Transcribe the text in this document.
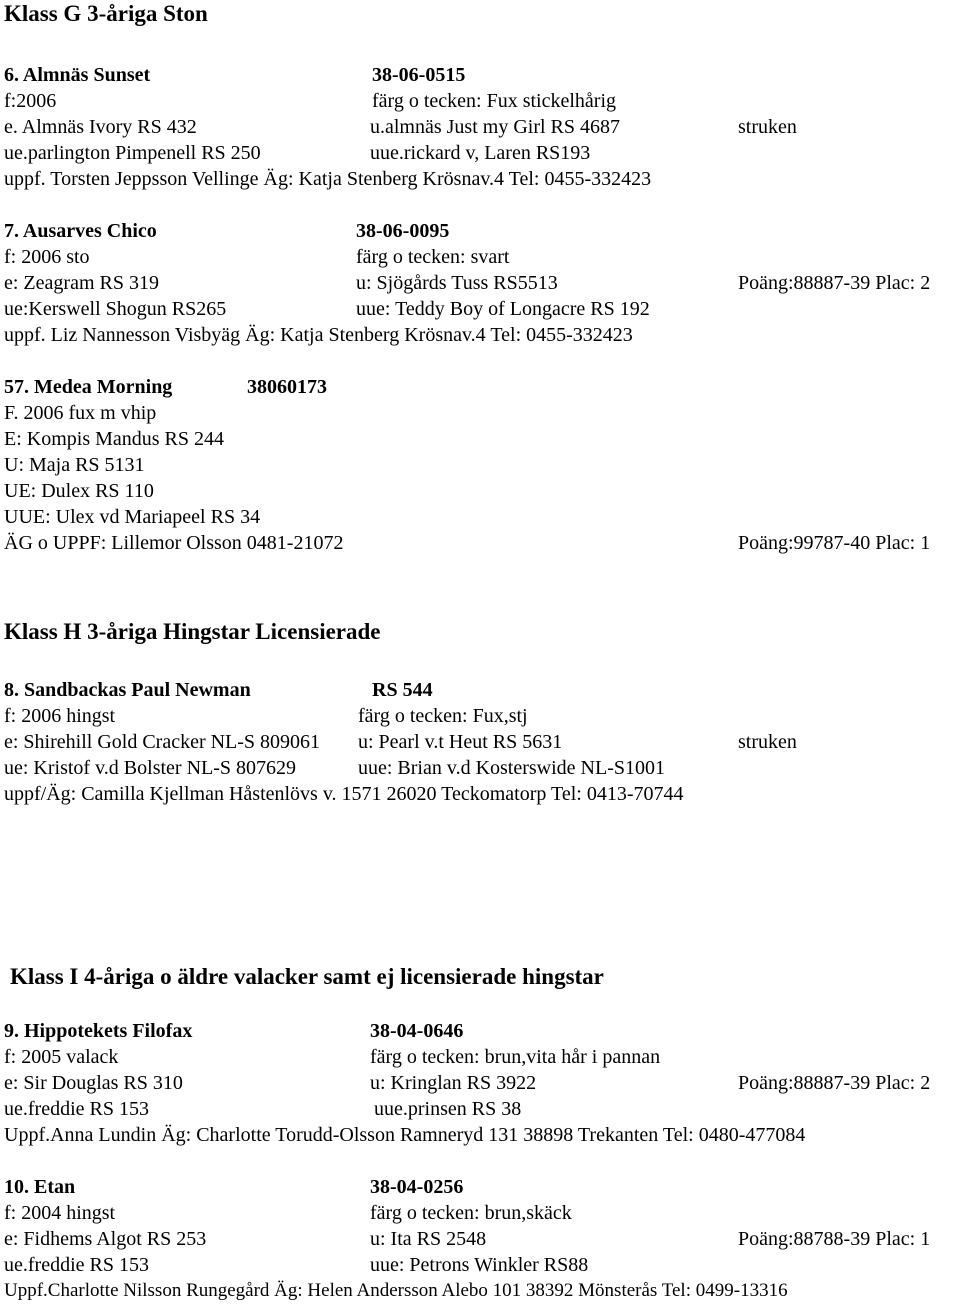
Klass G 3-åriga Ston
6. Almnäs Sunset	38-06-0515
f:2006	färg o tecken: Fux stickelhårig
e. Almnäs Ivory RS 432	u.almnäs Just my Girl RS 4687	struken
ue.parlington Pimpenell RS 250	uue.rickard v, Laren RS193
uppf. Torsten Jeppsson Vellinge Äg: Katja Stenberg Krösnav.4 Tel: 0455-332423
7. Ausarves Chico	38-06-0095
f: 2006 sto	färg o tecken: svart
e: Zeagram RS 319	u: Sjögårds Tuss RS5513	Poäng:88887-39 Plac: 2
ue:Kerswell Shogun RS265	uue: Teddy Boy of Longacre RS 192
uppf. Liz Nannesson Visbyäg Äg: Katja Stenberg Krösnav.4 Tel: 0455-332423
57. Medea Morning	38060173
F. 2006 fux m vhip
E: Kompis Mandus RS 244
U: Maja RS 5131
UE: Dulex RS 110
UUE: Ulex vd Mariapeel RS 34
ÄG o UPPF: Lillemor Olsson 0481-21072	Poäng:99787-40 Plac: 1
Klass H 3-åriga Hingstar Licensierade
8. Sandbackas Paul Newman	RS 544
f: 2006 hingst	färg o tecken: Fux,stj
e: Shirehill Gold Cracker NL-S 809061 u: Pearl v.t Heut RS 5631	struken
ue: Kristof v.d Bolster NL-S 807629	uue: Brian v.d Kosterswide NL-S1001
uppf/Äg: Camilla Kjellman Håstenlövs v. 1571 26020 Teckomatorp Tel: 0413-70744
Klass I 4-åriga o äldre valacker samt ej licensierade hingstar
9. Hippotekets Filofax	38-04-0646
f: 2005 valack	färg o tecken: brun,vita hår i pannan
e: Sir Douglas RS 310	u: Kringlan RS 3922	Poäng:88887-39 Plac: 2
ue.freddie RS 153	uue.prinsen RS 38
Uppf.Anna Lundin Äg: Charlotte Torudd-Olsson Ramneryd 131 38898 Trekanten Tel: 0480-477084
10. Etan	38-04-0256
f: 2004 hingst	färg o tecken: brun,skäck
e: Fidhems Algot RS 253	u: Ita RS 2548	Poäng:88788-39 Plac: 1
ue.freddie RS 153	uue: Petrons Winkler RS88
Uppf.Charlotte Nilsson Rungegård Äg: Helen Andersson Alebo 101 38392 Mönsterås Tel: 0499-13316
